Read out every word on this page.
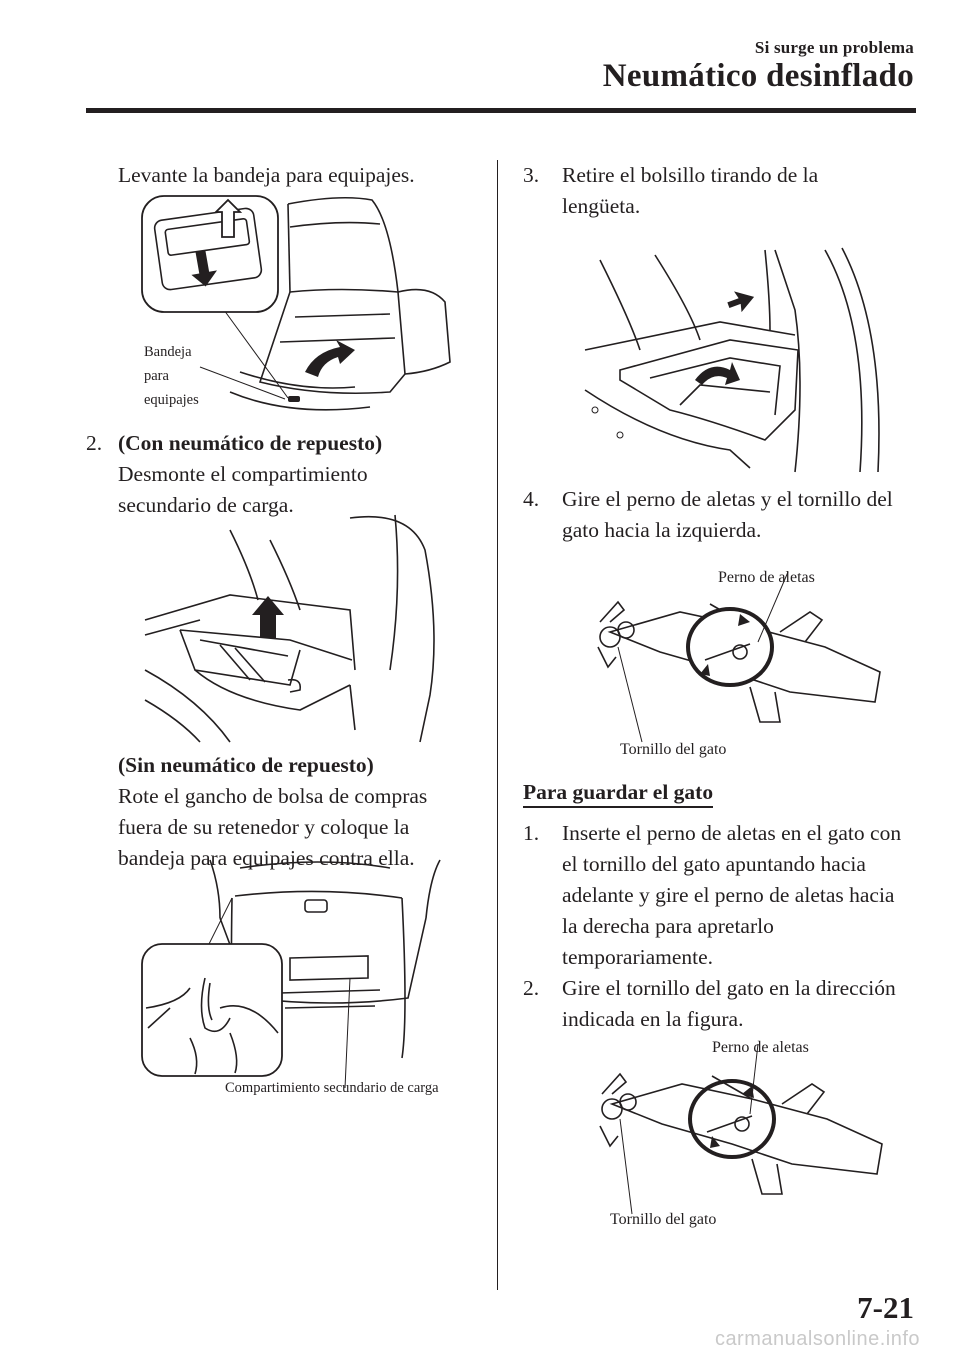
Si surge un problema
Neumático desinflado
Levante la bandeja para equipajes.
Bandeja
para
equipajes
2. (Con neumático de repuesto)
Desmonte el compartimiento
secundario de carga.
(Sin neumático de repuesto)
Rote el gancho de bolsa de compras
fuera de su retenedor y coloque la
bandeja para equipajes contra ella.
Compartimiento secundario de carga
3. Retire el bolsillo tirando de la
lengüeta.
4. Gire el perno de aletas y el tornillo del
gato hacia la izquierda.
Perno de aletas
Tornillo del gato
Para guardar el gato
1. Inserte el perno de aletas en el gato con
el tornillo del gato apuntando hacia
adelante y gire el perno de aletas hacia
la derecha para apretarlo
temporariamente.
2. Gire el tornillo del gato en la dirección
indicada en la figura.
Perno de aletas
Tornillo del gato
7-21
carmanualsonline.info
